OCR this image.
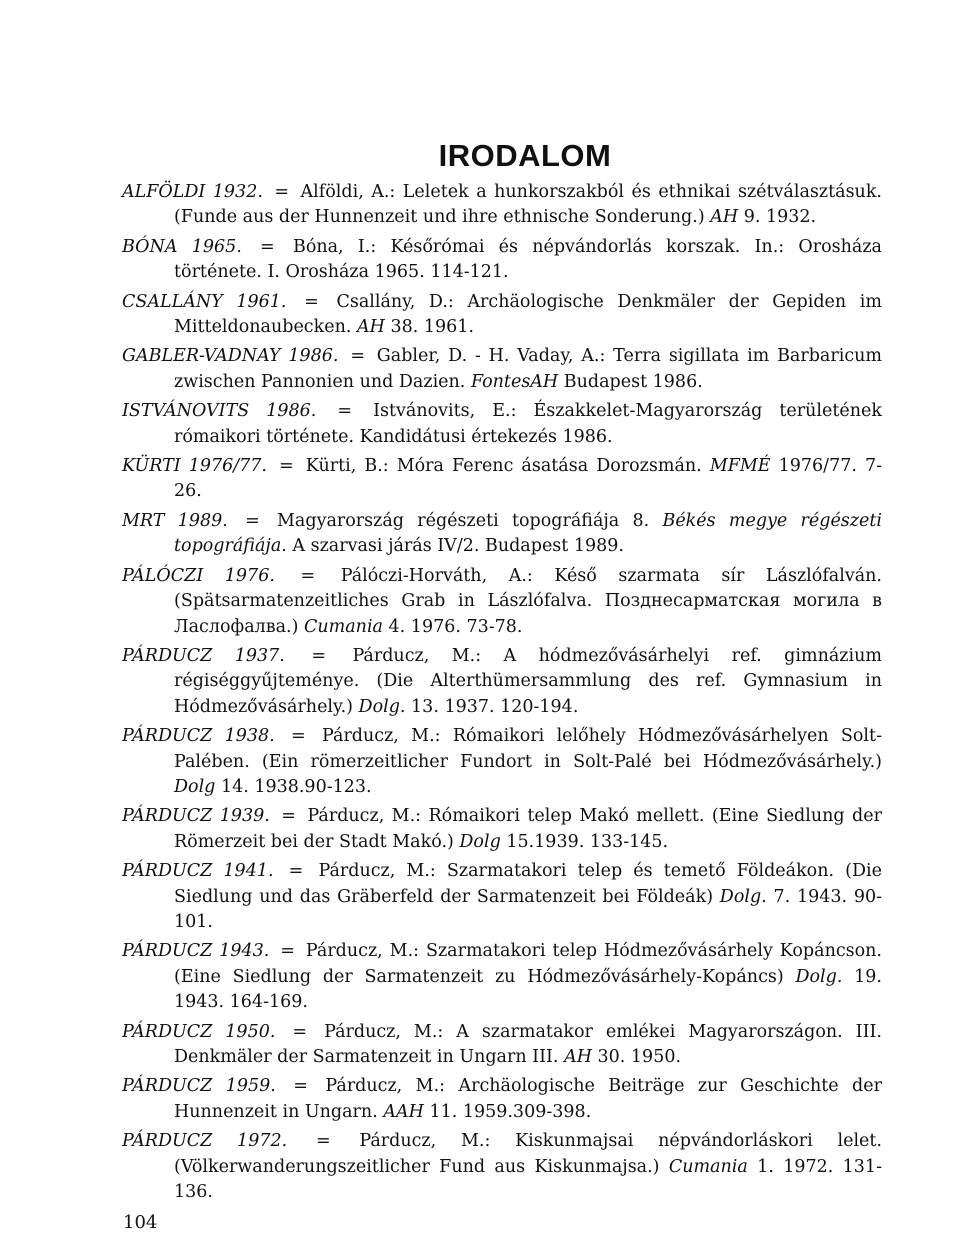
IRODALOM
ALFÖLDI 1932. = Alföldi, A.: Leletek a hunkorszakból és ethnikai szétválasztásuk. (Funde aus der Hunnenzeit und ihre ethnische Sonderung.) AH 9. 1932.
BÓNA 1965. = Bóna, I.: Későrómai és népvándorlás korszak. In.: Orosháza története. I. Orosháza 1965. 114-121.
CSALLÁNY 1961. = Csallány, D.: Archäologische Denkmäler der Gepiden im Mitteldonaubecken. AH 38. 1961.
GABLER-VADNAY 1986. = Gabler, D. - H. Vaday, A.: Terra sigillata im Barbaricum zwischen Pannonien und Dazien. FontesAH Budapest 1986.
ISTVÁNOVITS 1986. = Istvánovits, E.: Északkelet-Magyarország területének rómaikori története. Kandidátusi értekezés 1986.
KÜRTI 1976/77. = Kürti, B.: Móra Ferenc ásatása Dorozsmán. MFMÉ 1976/77. 7-26.
MRT 1989. = Magyarország régészeti topográfiája 8. Békés megye régészeti topográfiája. A szarvasi járás IV/2. Budapest 1989.
PÁLÓCZI 1976. = Pálóczi-Horváth, A.: Késő szarmata sír Lászlófalván. (Spätsarmatenzeitliches Grab in Lászlófalva. Позднесарматская могила в Ласлофалва.) Cumania 4. 1976. 73-78.
PÁRDUCZ 1937. = Párducz, M.: A hódmezővásárhelyi ref. gimnázium régiséggyűjteménye. (Die Alterthümersammlung des ref. Gymnasium in Hódmezővásárhely.) Dolg. 13. 1937. 120-194.
PÁRDUCZ 1938. = Párducz, M.: Rómaikori lelőhely Hódmezővásárhelyen Solt-Palében. (Ein römerzeitlicher Fundort in Solt-Palé bei Hódmezővásárhely.) Dolg 14. 1938.90-123.
PÁRDUCZ 1939. = Párducz, M.: Rómaikori telep Makó mellett. (Eine Siedlung der Römerzeit bei der Stadt Makó.) Dolg 15.1939. 133-145.
PÁRDUCZ 1941. = Párducz, M.: Szarmatakori telep és temető Földeákon. (Die Siedlung und das Gräberfeld der Sarmatenzeit bei Földeák) Dolg. 7. 1943. 90-101.
PÁRDUCZ 1943. = Párducz, M.: Szarmatakori telep Hódmezővásárhely Kopáncson. (Eine Siedlung der Sarmatenzeit zu Hódmezővásárhely-Kopáncs) Dolg. 19. 1943. 164-169.
PÁRDUCZ 1950. = Párducz, M.: A szarmatakor emlékei Magyarországon. III. Denkmäler der Sarmatenzeit in Ungarn III. AH 30. 1950.
PÁRDUCZ 1959. = Párducz, M.: Archäologische Beiträge zur Geschichte der Hunnenzeit in Ungarn. AAH 11. 1959.309-398.
PÁRDUCZ 1972. = Párducz, M.: Kiskunmajsai népvándorláskori lelet. (Völkerwanderungszeitlicher Fund aus Kiskunmajsa.) Cumania 1. 1972. 131-136.
104
